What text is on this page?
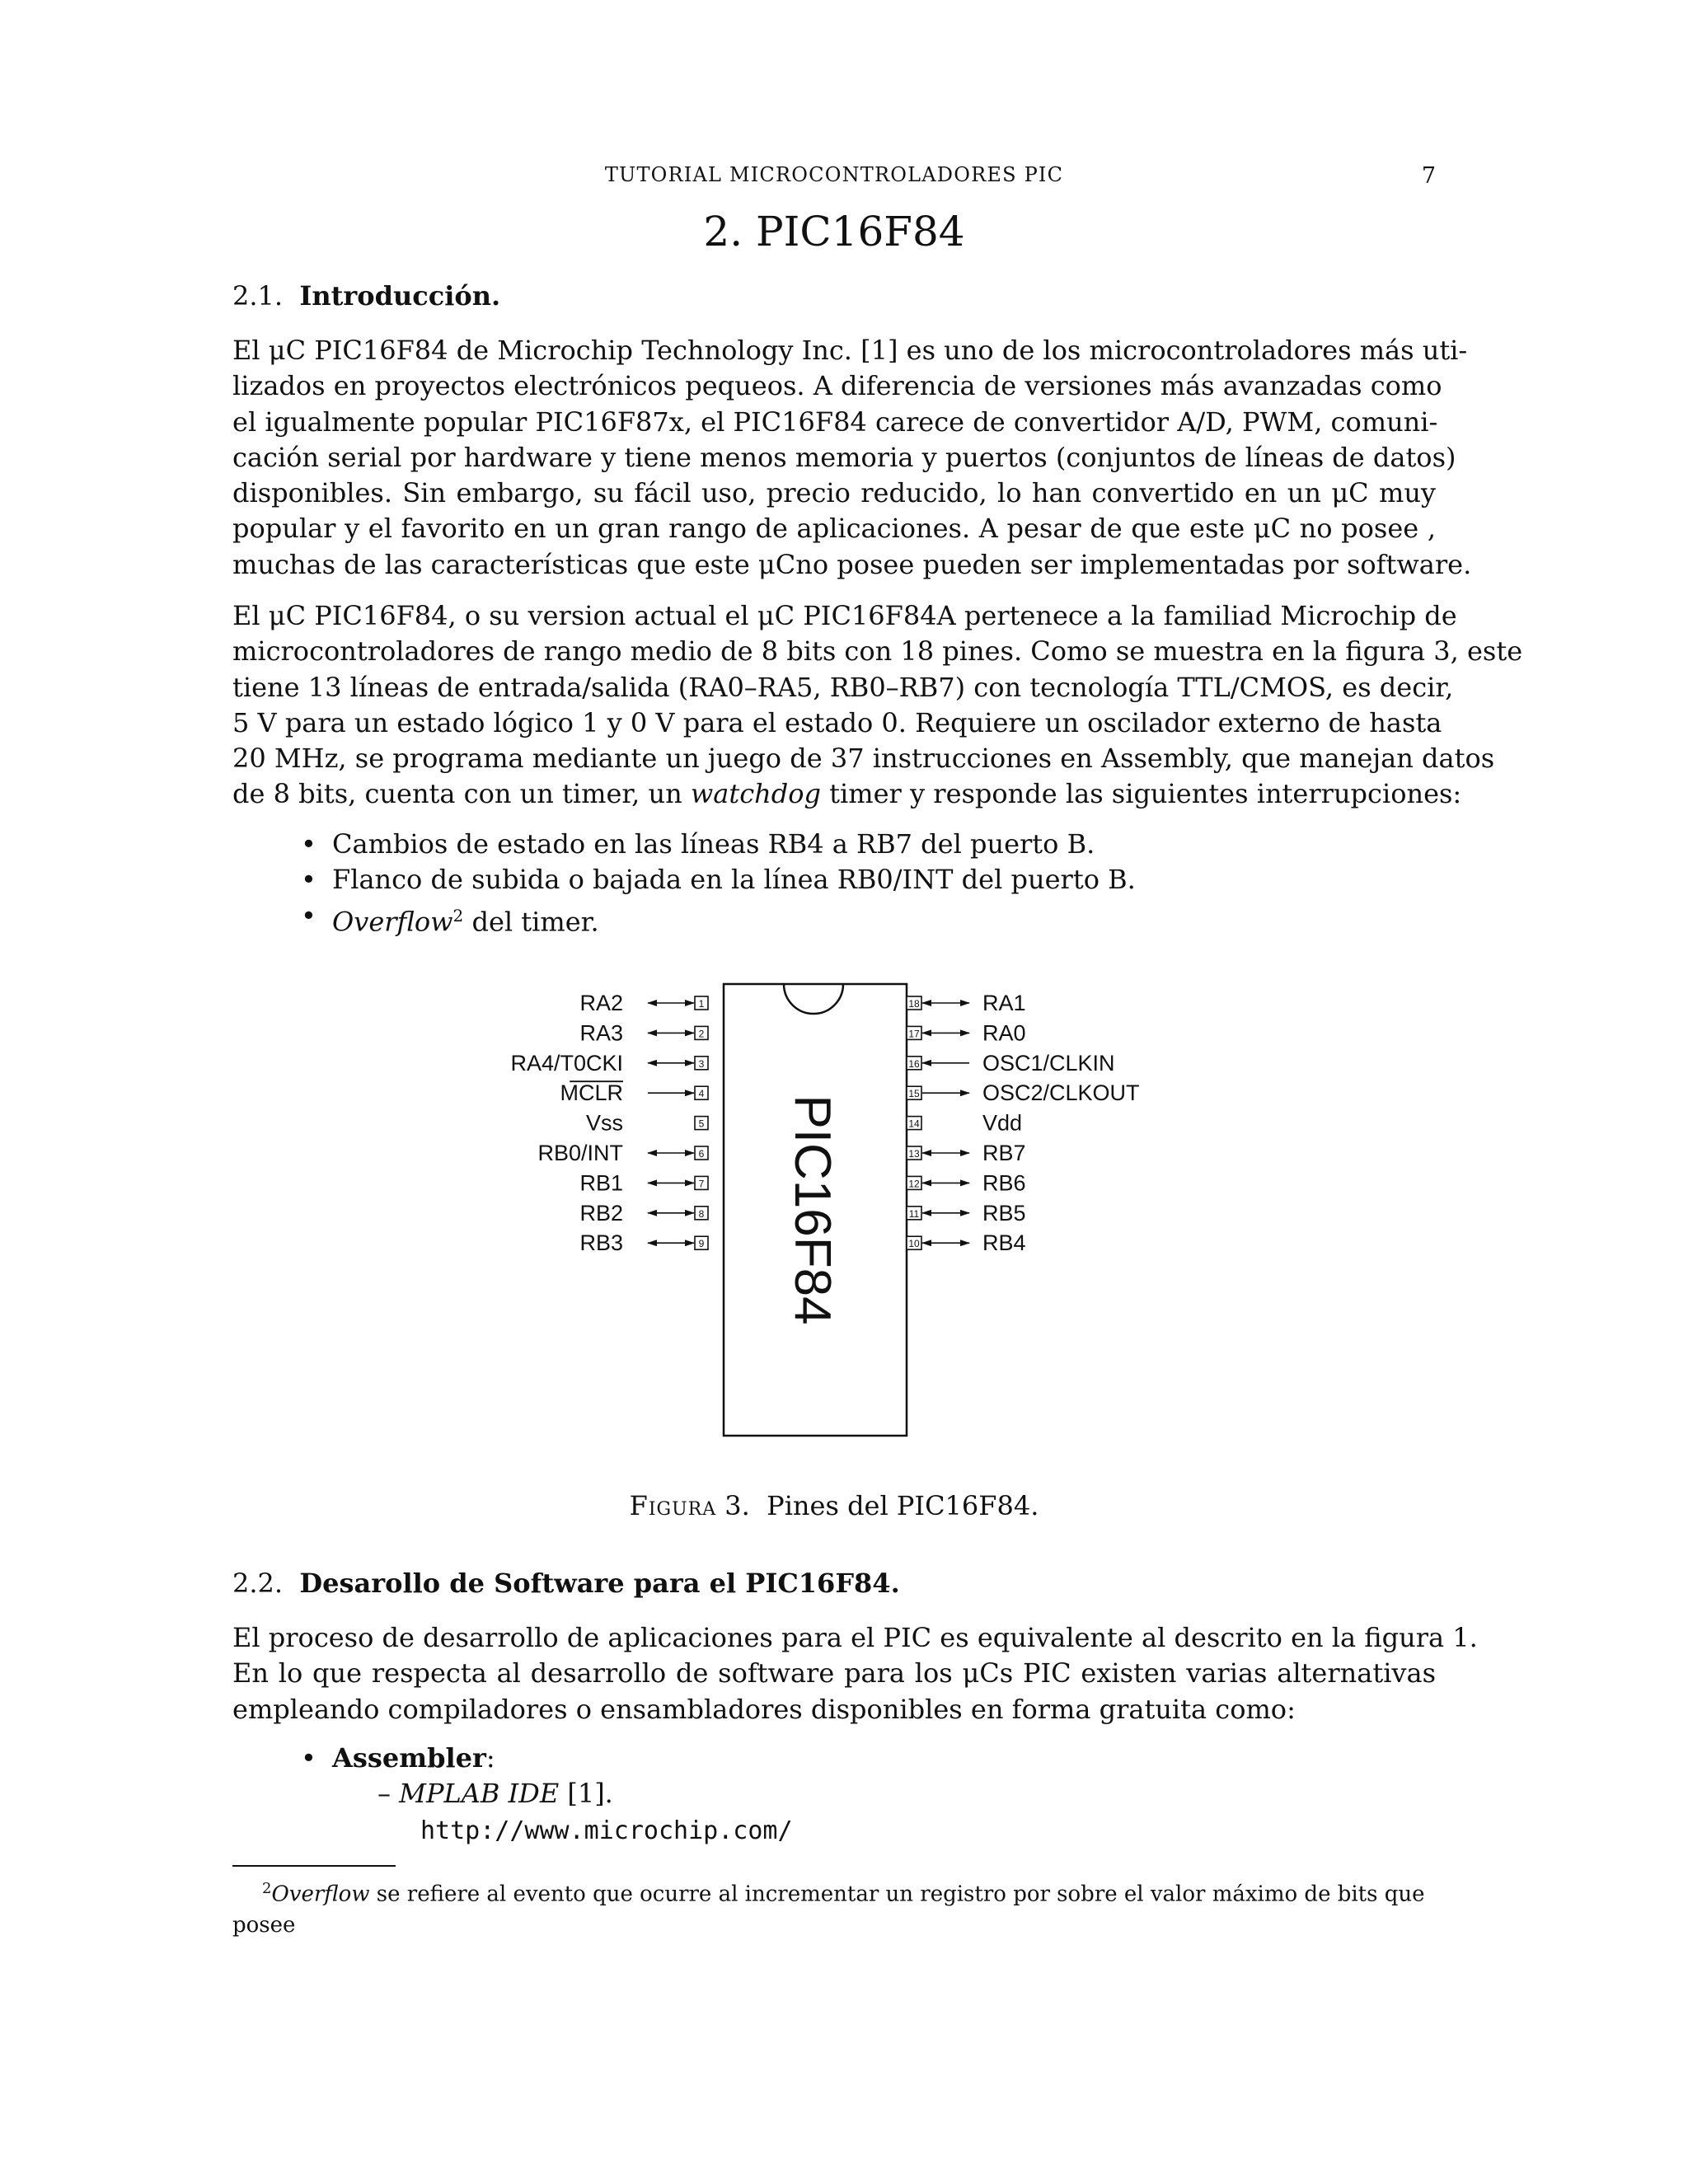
TUTORIAL MICROCONTROLADORES PIC	7
2. PIC16F84
2.1. Introducción.
El μC PIC16F84 de Microchip Technology Inc. [1] es uno de los microcontroladores más uti-
lizados en proyectos electrónicos pequeos. A diferencia de versiones más avanzadas como
el igualmente popular PIC16F87x, el PIC16F84 carece de convertidor A/D, PWM, comuni-
cación serial por hardware y tiene menos memoria y puertos (conjuntos de líneas de datos)
disponibles. Sin embargo, su fácil uso, precio reducido, lo han convertido en un μC muy
popular y el favorito en un gran rango de aplicaciones. A pesar de que este μC no posee ,
muchas de las características que este μCno posee pueden ser implementadas por software.
El μC PIC16F84, o su version actual el μC PIC16F84A pertenece a la familiad Microchip de
microcontroladores de rango medio de 8 bits con 18 pines. Como se muestra en la figura 3, este
tiene 13 líneas de entrada/salida (RA0–RA5, RB0–RB7) con tecnología TTL/CMOS, es decir,
5 V para un estado lógico 1 y 0 V para el estado 0. Requiere un oscilador externo de hasta
20 MHz, se programa mediante un juego de 37 instrucciones en Assembly, que manejan datos
de 8 bits, cuenta con un timer, un watchdog timer y responde las siguientes interrupciones:
• Cambios de estado en las líneas RB4 a RB7 del puerto B.
• Flanco de subida o bajada en la línea RB0/INT del puerto B.
• Overflow$^2$ del timer.
PIC16F84
1
RA2
2
RA3
3
RA4/T0CKI
4
MCLR
5
Vss
6
RB0/INT
7
RB1
8
RB2
9
RB3
18	RA1
17	RA0
16	OSC1/CLKIN
15	OSC2/CLKOUT
14	Vdd
13	RB7
12	RB6
11	RB5
10	RB4
Figura 3. Pines del PIC16F84.
2.2. Desarollo de Software para el PIC16F84.
El proceso de desarrollo de aplicaciones para el PIC es equivalente al descrito en la figura 1.
En lo que respecta al desarrollo de software para los μCs PIC existen varias alternativas
empleando compiladores o ensambladores disponibles en forma gratuita como:
• Assembler:
– MPLAB IDE [1].
http://www.microchip.com/
$^2$Overflow se refiere al evento que ocurre al incrementar un registro por sobre el valor máximo de bits que
posee
